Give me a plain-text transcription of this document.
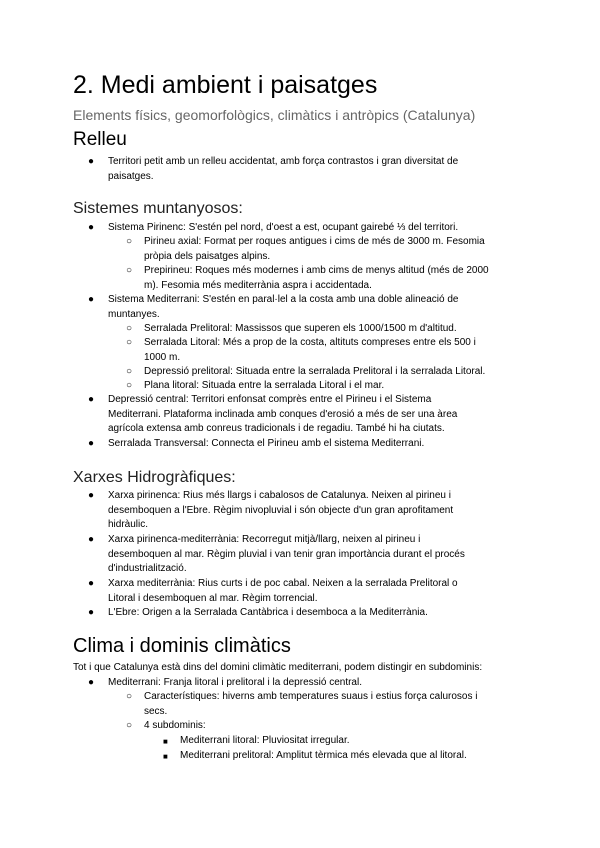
2. Medi ambient i paisatges
Elements físics, geomorfològics, climàtics i antròpics (Catalunya)
Relleu
● Territori petit amb un relleu accidentat, amb força contrastos i gran diversitat de
paisatges.
Sistemes muntanyosos:
● Sistema Pirinenc: S'estén pel nord, d'oest a est, ocupant gairebé ⅓ del territori.
○ Pirineu axial: Format per roques antigues i cims de més de 3000 m. Fesomia
pròpia dels paisatges alpins.
○ Prepirineu: Roques més modernes i amb cims de menys altitud (més de 2000
m). Fesomia més mediterrània aspra i accidentada.
● Sistema Mediterrani: S'estén en paral·lel a la costa amb una doble alineació de
muntanyes.
○ Serralada Prelitoral: Massissos que superen els 1000/1500 m d'altitud.
○ Serralada Litoral: Més a prop de la costa, altituts compreses entre els 500 i
1000 m.
○ Depressió prelitoral: Situada entre la serralada Prelitoral i la serralada Litoral.
○ Plana litoral: Situada entre la serralada Litoral i el mar.
● Depressió central: Territori enfonsat comprès entre el Pirineu i el Sistema
Mediterrani. Plataforma inclinada amb conques d'erosió a més de ser una àrea
agrícola extensa amb conreus tradicionals i de regadiu. També hi ha ciutats.
● Serralada Transversal: Connecta el Pirineu amb el sistema Mediterrani.
Xarxes Hidrogràfiques:
● Xarxa pirinenca: Rius més llargs i cabalosos de Catalunya. Neixen al pirineu i
desemboquen a l'Ebre. Règim nivopluvial i són objecte d'un gran aprofitament
hidràulic.
● Xarxa pirinenca-mediterrània: Recorregut mitjà/llarg, neixen al pirineu i
desemboquen al mar. Règim pluvial i van tenir gran importància durant el procés
d'industrialització.
● Xarxa mediterrània: Rius curts i de poc cabal. Neixen a la serralada Prelitoral o
Litoral i desemboquen al mar. Règim torrencial.
● L'Ebre: Origen a la Serralada Cantàbrica i desemboca a la Mediterrània.
Clima i dominis climàtics
Tot i que Catalunya està dins del domini climàtic mediterrani, podem distingir en subdominis:
● Mediterrani: Franja litoral i prelitoral i la depressió central.
○ Característiques: hiverns amb temperatures suaus i estius força calurosos i
secs.
○ 4 subdominis:
■ Mediterrani litoral: Pluviositat irregular.
■ Mediterrani prelitoral: Amplitut tèrmica més elevada que al litoral.
